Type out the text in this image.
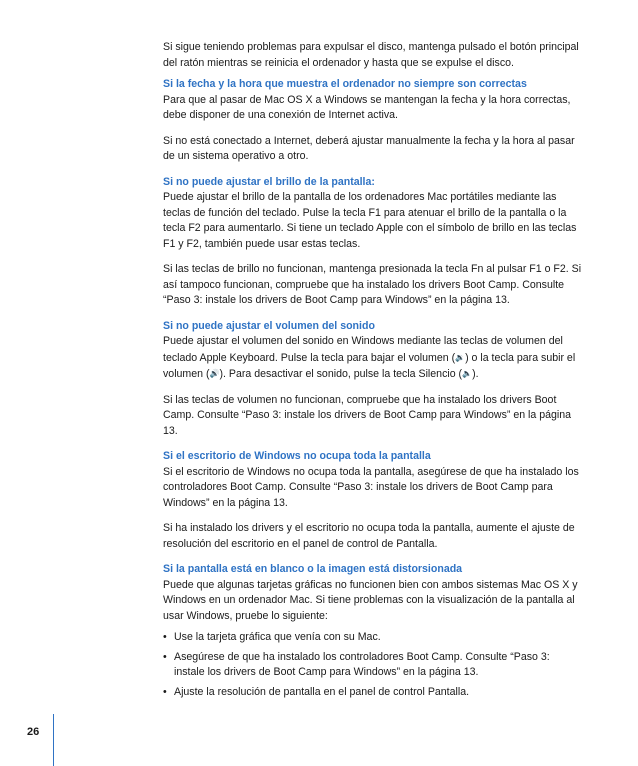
Si sigue teniendo problemas para expulsar el disco, mantenga pulsado el botón principal del ratón mientras se reinicia el ordenador y hasta que se expulse el disco.

Si la fecha y la hora que muestra el ordenador no siempre son correctas

Para que al pasar de Mac OS X a Windows se mantengan la fecha y la hora correctas, debe disponer de una conexión de Internet activa.

Si no está conectado a Internet, deberá ajustar manualmente la fecha y la hora al pasar de un sistema operativo a otro.

Si no puede ajustar el brillo de la pantalla:

Puede ajustar el brillo de la pantalla de los ordenadores Mac portátiles mediante las teclas de función del teclado. Pulse la tecla F1 para atenuar el brillo de la pantalla o la tecla F2 para aumentarlo. Si tiene un teclado Apple con el símbolo de brillo en las teclas F1 y F2, también puede usar estas teclas.

Si las teclas de brillo no funcionan, mantenga presionada la tecla Fn al pulsar F1 o F2. Si así tampoco funcionan, compruebe que ha instalado los drivers Boot Camp. Consulte “Paso 3: instale los drivers de Boot Camp para Windows” en la página 13.

Si no puede ajustar el volumen del sonido

Puede ajustar el volumen del sonido en Windows mediante las teclas de volumen del teclado Apple Keyboard. Pulse la tecla para bajar el volumen (🔉) o la tecla para subir el volumen (🔊). Para desactivar el sonido, pulse la tecla Silencio (🔈).

Si las teclas de volumen no funcionan, compruebe que ha instalado los drivers Boot Camp. Consulte “Paso 3: instale los drivers de Boot Camp para Windows” en la página 13.

Si el escritorio de Windows no ocupa toda la pantalla

Si el escritorio de Windows no ocupa toda la pantalla, asegúrese de que ha instalado los controladores Boot Camp. Consulte “Paso 3: instale los drivers de Boot Camp para Windows” en la página 13.

Si ha instalado los drivers y el escritorio no ocupa toda la pantalla, aumente el ajuste de resolución del escritorio en el panel de control de Pantalla.

Si la pantalla está en blanco o la imagen está distorsionada

Puede que algunas tarjetas gráficas no funcionen bien con ambos sistemas Mac OS X y Windows en un ordenador Mac. Si tiene problemas con la visualización de la pantalla al usar Windows, pruebe lo siguiente:

• Use la tarjeta gráfica que venía con su Mac.
• Asegúrese de que ha instalado los controladores Boot Camp. Consulte “Paso 3: instale los drivers de Boot Camp para Windows” en la página 13.
• Ajuste la resolución de pantalla en el panel de control Pantalla.
26
